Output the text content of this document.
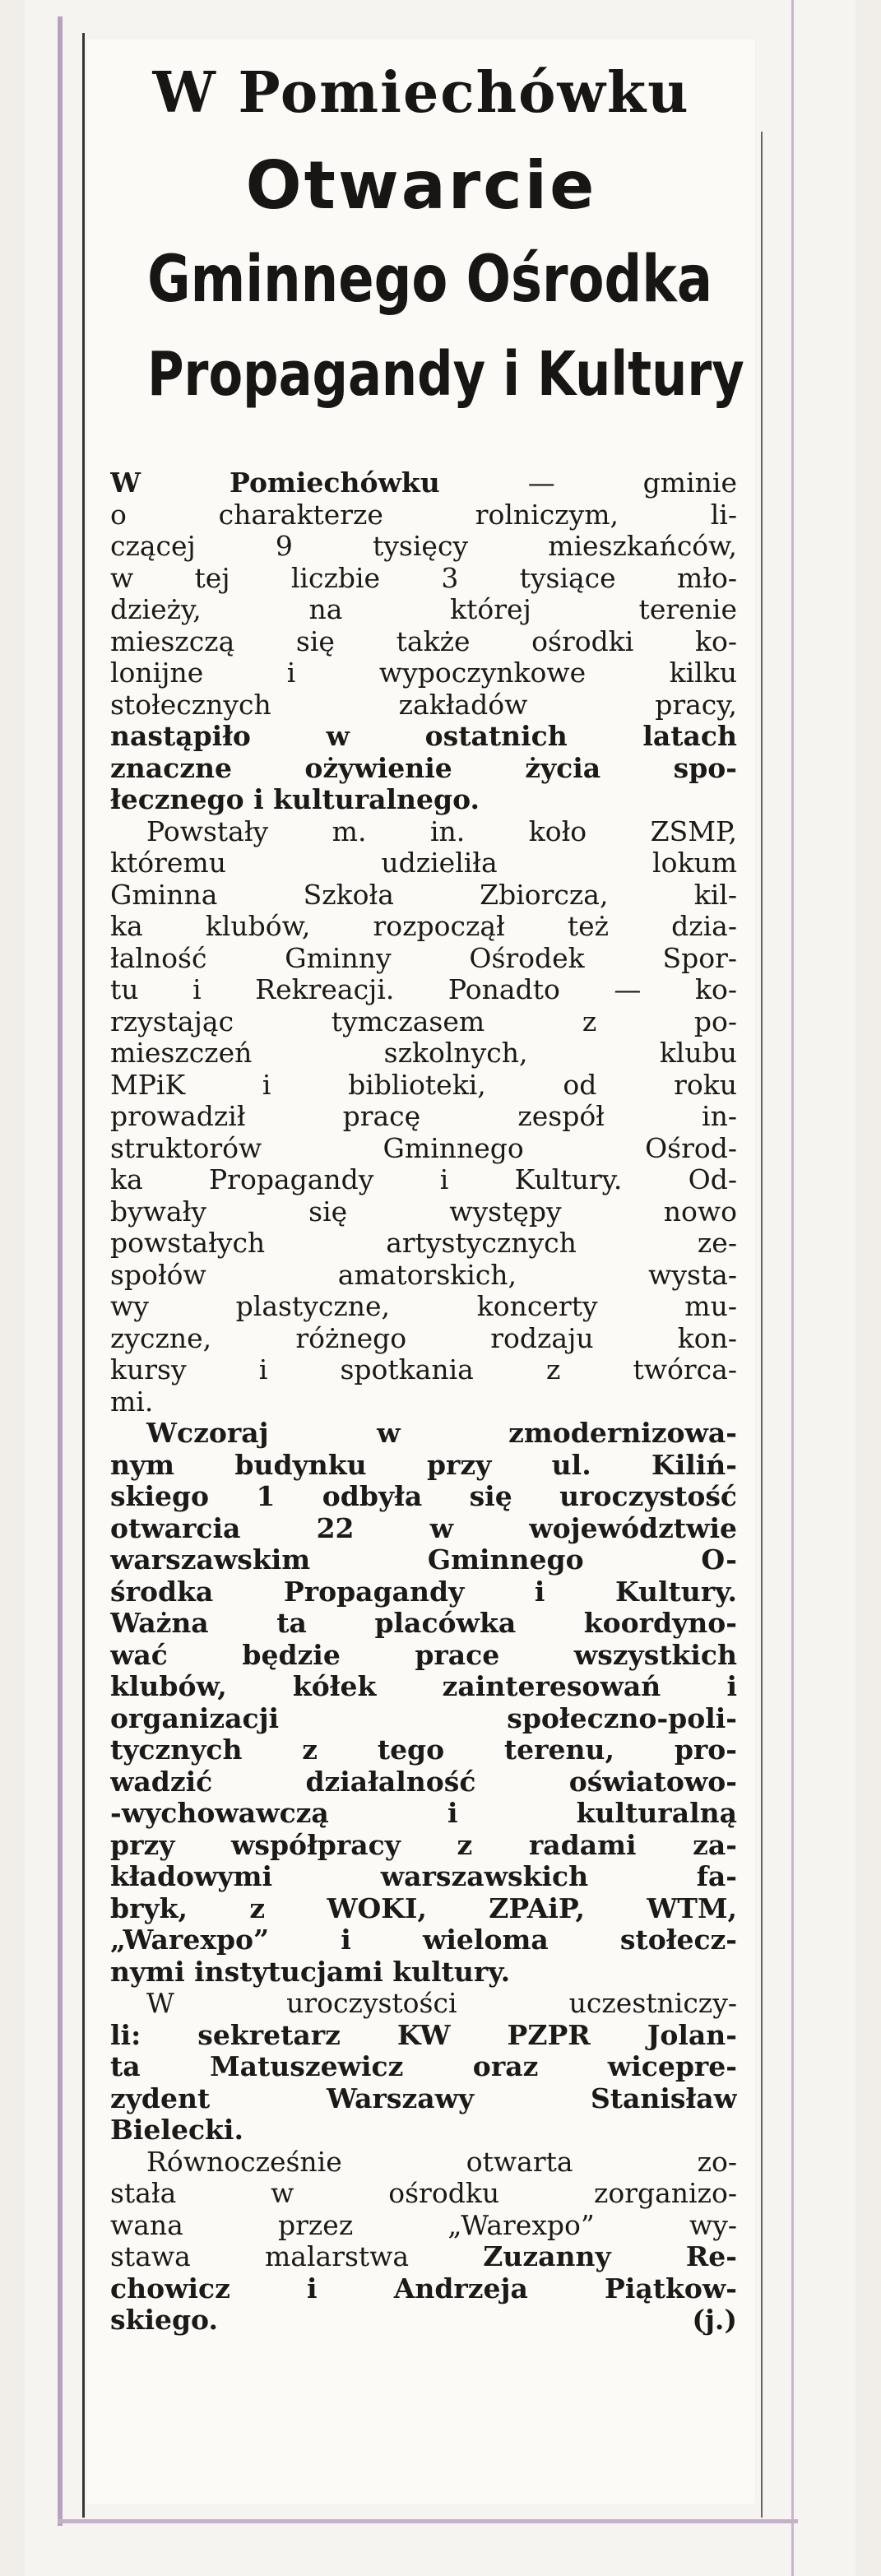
W Pomiechówku
Otwarcie
Gminnego Ośrodka
Propagandy i Kultury
W Pomiechówku — gminie
o charakterze rolniczym, li-
czącej 9 tysięcy mieszkańców,
w tej liczbie 3 tysiące mło-
dzieży, na której terenie
mieszczą się także ośrodki ko-
lonijne i wypoczynkowe kilku
stołecznych zakładów pracy,
nastąpiło w ostatnich latach
znaczne ożywienie życia spo-
łecznego i kulturalnego.
Powstały m. in. koło ZSMP,
któremu udzieliła lokum
Gminna Szkoła Zbiorcza, kil-
ka klubów, rozpoczął też dzia-
łalność Gminny Ośrodek Spor-
tu i Rekreacji. Ponadto — ko-
rzystając tymczasem z po-
mieszczeń szkolnych, klubu
MPiK i biblioteki, od roku
prowadził pracę zespół in-
struktorów Gminnego Ośrod-
ka Propagandy i Kultury. Od-
bywały się występy nowo
powstałych artystycznych ze-
społów amatorskich, wysta-
wy plastyczne, koncerty mu-
zyczne, różnego rodzaju kon-
kursy i spotkania z twórca-
mi.
Wczoraj w zmodernizowa-
nym budynku przy ul. Kiliń-
skiego 1 odbyła się uroczystość
otwarcia 22 w województwie
warszawskim Gminnego O-
środka Propagandy i Kultury.
Ważna ta placówka koordyno-
wać będzie prace wszystkich
klubów, kółek zainteresowań i
organizacji społeczno-poli-
tycznych z tego terenu, pro-
wadzić działalność oświatowo-
-wychowawczą i kulturalną
przy współpracy z radami za-
kładowymi warszawskich fa-
bryk, z WOKI, ZPAiP, WTM,
„Warexpo” i wieloma stołecz-
nymi instytucjami kultury.
W uroczystości uczestniczy-
li: sekretarz KW PZPR Jolan-
ta Matuszewicz oraz wicepre-
zydent Warszawy Stanisław
Bielecki.
Równocześnie otwarta zo-
stała w ośrodku zorganizo-
wana przez „Warexpo” wy-
stawa malarstwa Zuzanny Re-
chowicz i Andrzeja Piątkow-
skiego.	(j.)
